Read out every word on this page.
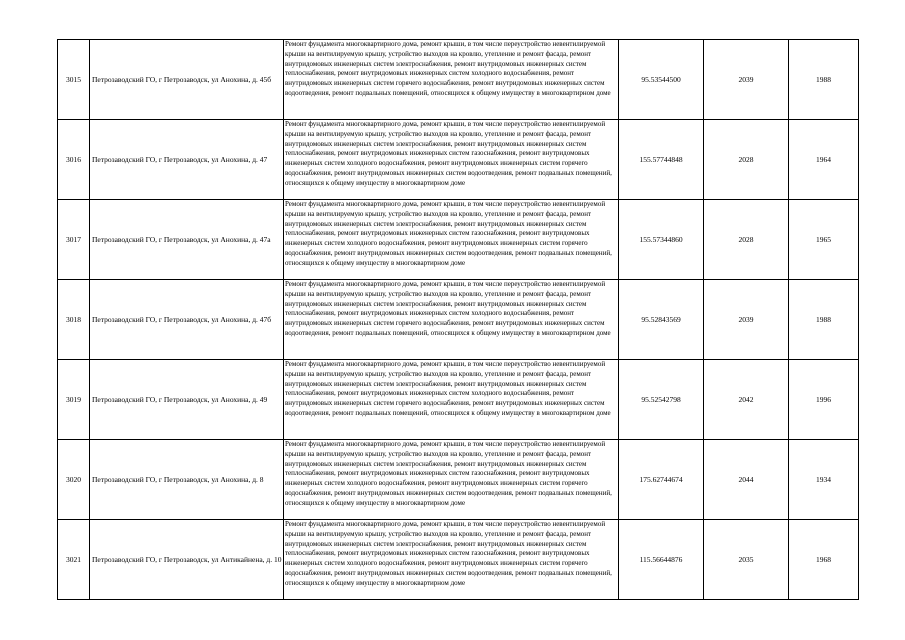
3015	Петрозаводский ГО, г Петрозаводск, ул Анохина, д. 45б	Ремонт фундамента многоквартирного дома, ремонт крыши, в том числе переустройство невентилируемой крыши на вентилируемую крышу, устройство выходов на кровлю, утепление и ремонт фасада, ремонт внутридомовых инженерных систем электроснабжения, ремонт внутридомовых инженерных систем теплоснабжения, ремонт внутридомовых инженерных систем холодного водоснабжения, ремонт внутридомовых инженерных систем горячего водоснабжения, ремонт внутридомовых инженерных систем водоотведения, ремонт подвальных помещений, относящихся к общему имуществу в многоквартирном доме	95.53544500	2039	1988
3016	Петрозаводский ГО, г Петрозаводск, ул Анохина, д. 47	Ремонт фундамента многоквартирного дома, ремонт крыши, в том числе переустройство невентилируемой крыши на вентилируемую крышу, устройство выходов на кровлю, утепление и ремонт фасада, ремонт внутридомовых инженерных систем электроснабжения, ремонт внутридомовых инженерных систем теплоснабжения, ремонт внутридомовых инженерных систем газоснабжения, ремонт внутридомовых инженерных систем холодного водоснабжения, ремонт внутридомовых инженерных систем горячего водоснабжения, ремонт внутридомовых инженерных систем водоотведения, ремонт подвальных помещений, относящихся к общему имуществу в многоквартирном доме	155.57744848	2028	1964
3017	Петрозаводский ГО, г Петрозаводск, ул Анохина, д. 47а	Ремонт фундамента многоквартирного дома, ремонт крыши, в том числе переустройство невентилируемой крыши на вентилируемую крышу, устройство выходов на кровлю, утепление и ремонт фасада, ремонт внутридомовых инженерных систем электроснабжения, ремонт внутридомовых инженерных систем теплоснабжения, ремонт внутридомовых инженерных систем газоснабжения, ремонт внутридомовых инженерных систем холодного водоснабжения, ремонт внутридомовых инженерных систем горячего водоснабжения, ремонт внутридомовых инженерных систем водоотведения, ремонт подвальных помещений, относящихся к общему имуществу в многоквартирном доме	155.57344860	2028	1965
3018	Петрозаводский ГО, г Петрозаводск, ул Анохина, д. 47б	Ремонт фундамента многоквартирного дома, ремонт крыши, в том числе переустройство невентилируемой крыши на вентилируемую крышу, устройство выходов на кровлю, утепление и ремонт фасада, ремонт внутридомовых инженерных систем электроснабжения, ремонт внутридомовых инженерных систем теплоснабжения, ремонт внутридомовых инженерных систем холодного водоснабжения, ремонт внутридомовых инженерных систем горячего водоснабжения, ремонт внутридомовых инженерных систем водоотведения, ремонт подвальных помещений, относящихся к общему имуществу в многоквартирном доме	95.52843569	2039	1988
3019	Петрозаводский ГО, г Петрозаводск, ул Анохина, д. 49	Ремонт фундамента многоквартирного дома, ремонт крыши, в том числе переустройство невентилируемой крыши на вентилируемую крышу, устройство выходов на кровлю, утепление и ремонт фасада, ремонт внутридомовых инженерных систем электроснабжения, ремонт внутридомовых инженерных систем теплоснабжения, ремонт внутридомовых инженерных систем холодного водоснабжения, ремонт внутридомовых инженерных систем горячего водоснабжения, ремонт внутридомовых инженерных систем водоотведения, ремонт подвальных помещений, относящихся к общему имуществу в многоквартирном доме	95.52542798	2042	1996
3020	Петрозаводский ГО, г Петрозаводск, ул Анохина, д. 8	Ремонт фундамента многоквартирного дома, ремонт крыши, в том числе переустройство невентилируемой крыши на вентилируемую крышу, устройство выходов на кровлю, утепление и ремонт фасада, ремонт внутридомовых инженерных систем электроснабжения, ремонт внутридомовых инженерных систем теплоснабжения, ремонт внутридомовых инженерных систем газоснабжения, ремонт внутридомовых инженерных систем холодного водоснабжения, ремонт внутридомовых инженерных систем горячего водоснабжения, ремонт внутридомовых инженерных систем водоотведения, ремонт подвальных помещений, относящихся к общему имуществу в многоквартирном доме	175.62744674	2044	1934
3021	Петрозаводский ГО, г Петрозаводск, ул Антикайнена, д. 10	Ремонт фундамента многоквартирного дома, ремонт крыши, в том числе переустройство невентилируемой крыши на вентилируемую крышу, устройство выходов на кровлю, утепление и ремонт фасада, ремонт внутридомовых инженерных систем электроснабжения, ремонт внутридомовых инженерных систем теплоснабжения, ремонт внутридомовых инженерных систем газоснабжения, ремонт внутридомовых инженерных систем холодного водоснабжения, ремонт внутридомовых инженерных систем горячего водоснабжения, ремонт внутридомовых инженерных систем водоотведения, ремонт подвальных помещений, относящихся к общему имуществу в многоквартирном доме	115.56644876	2035	1968
